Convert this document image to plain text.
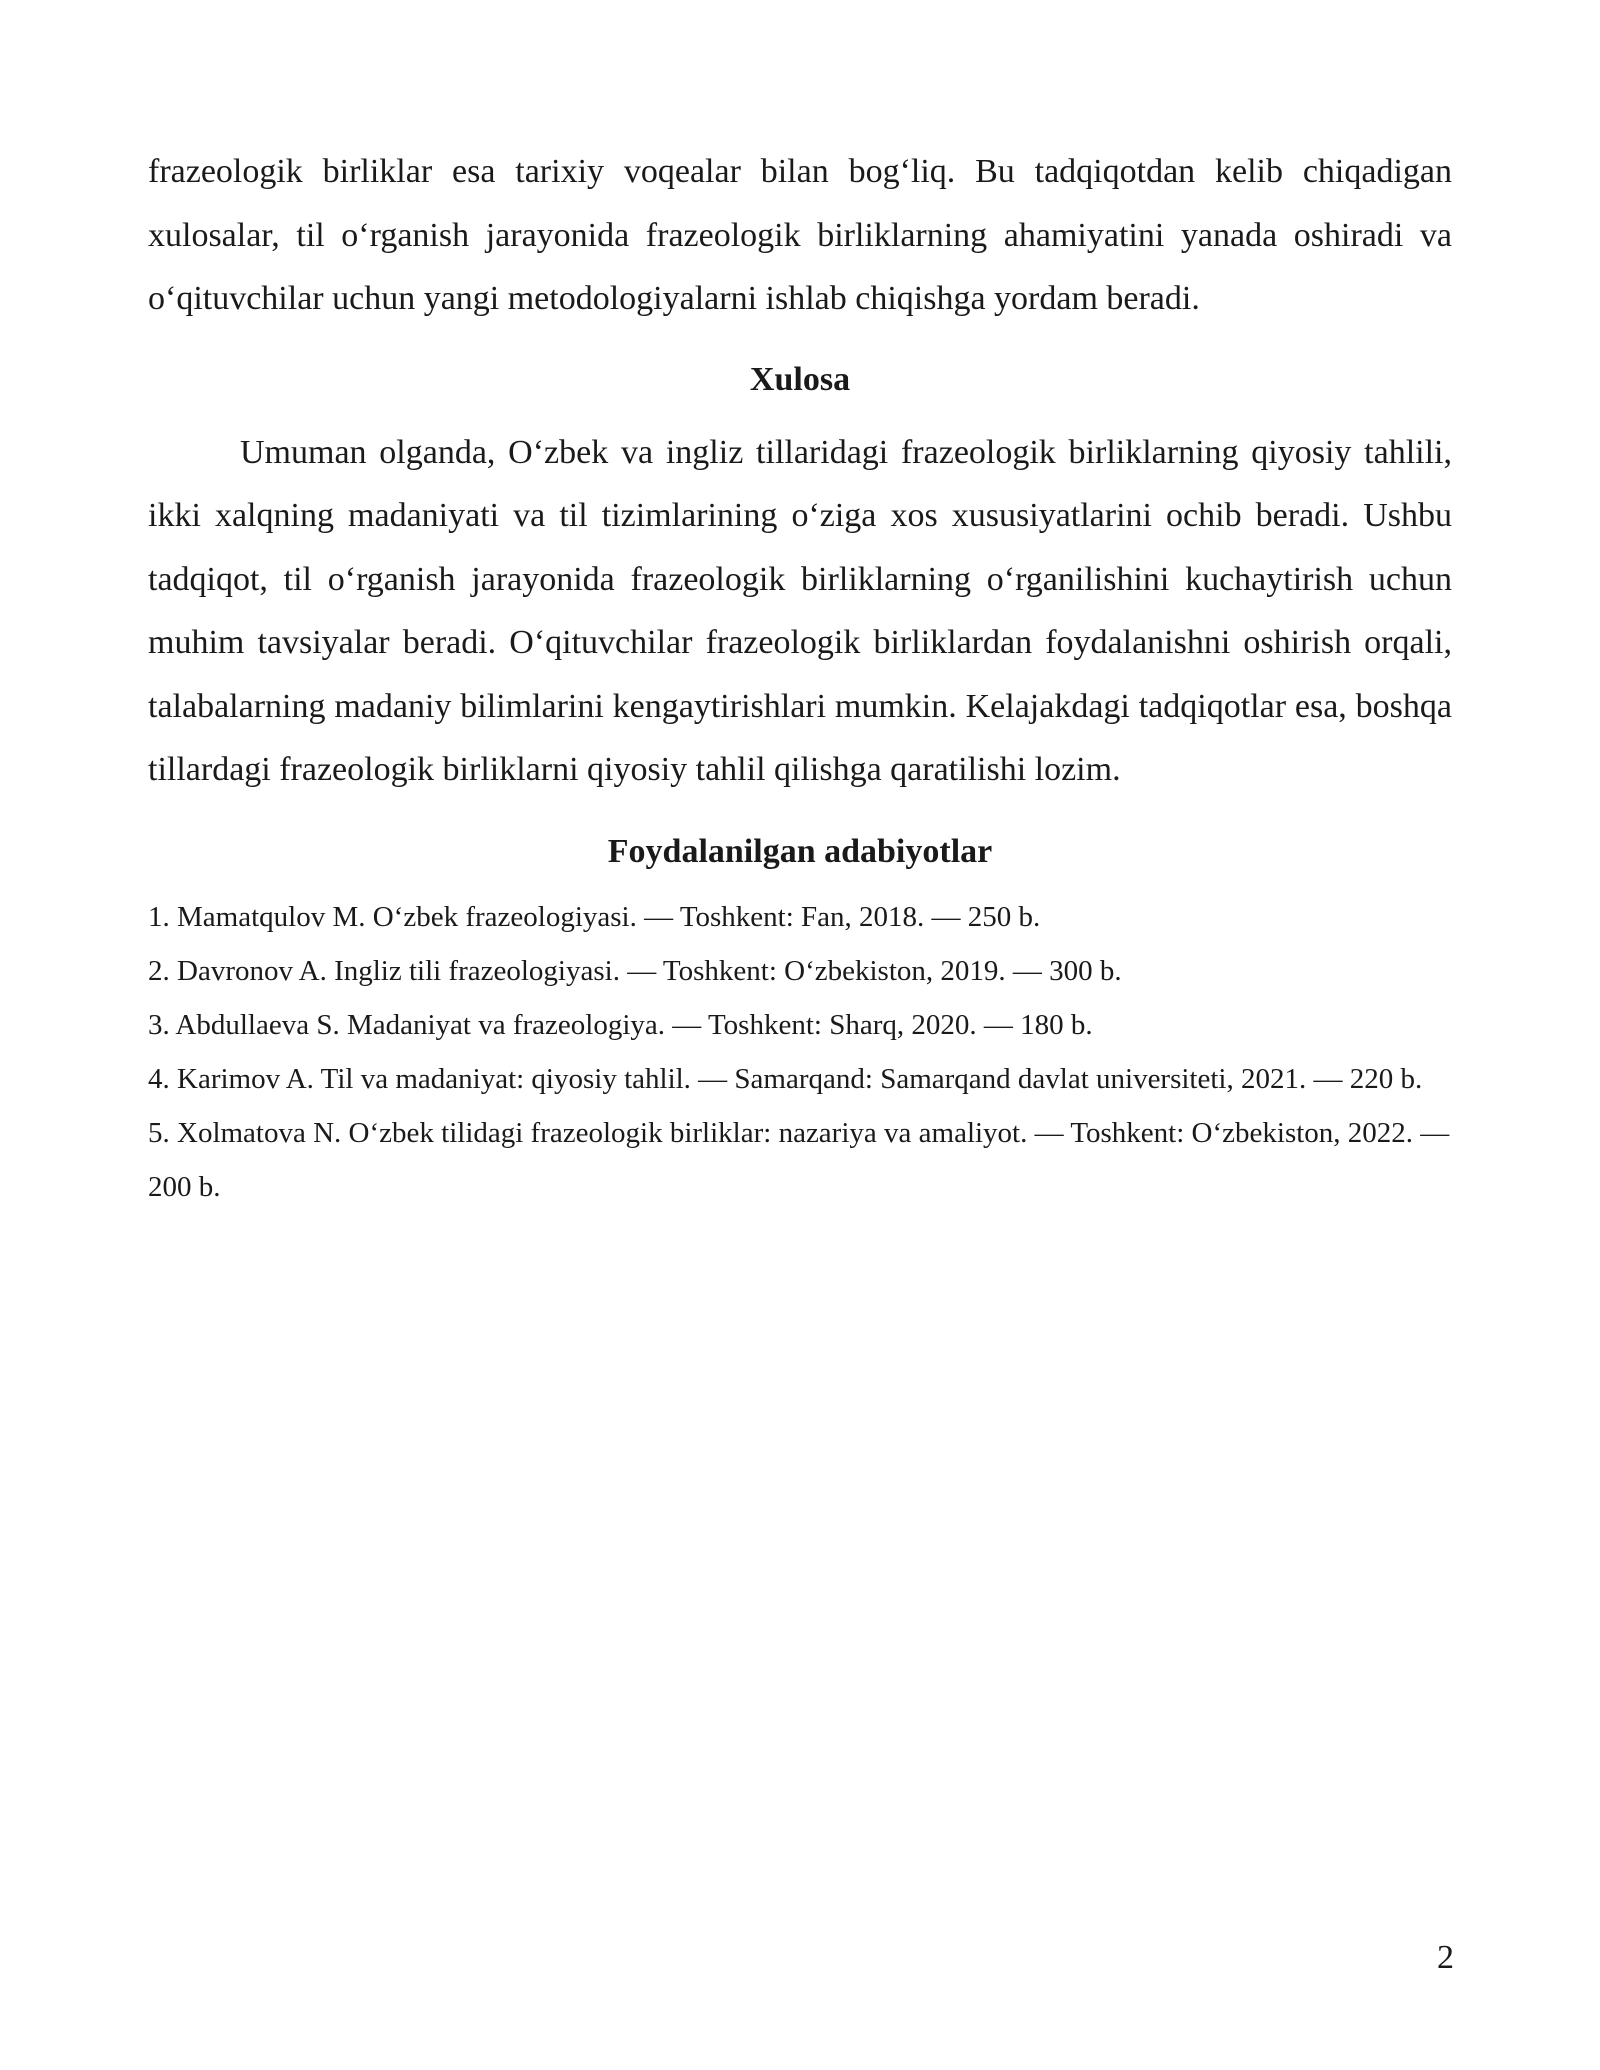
frazeologik birliklar esa tarixiy voqealar bilan bog‘liq. Bu tadqiqotdan kelib chiqadigan xulosalar, til o‘rganish jarayonida frazeologik birliklarning ahamiyatini yanada oshiradi va o‘qituvchilar uchun yangi metodologiyalarni ishlab chiqishga yordam beradi.

Xulosa

Umuman olganda, O‘zbek va ingliz tillaridagi frazeologik birliklarning qiyosiy tahlili, ikki xalqning madaniyati va til tizimlarining o‘ziga xos xususiyatlarini ochib beradi. Ushbu tadqiqot, til o‘rganish jarayonida frazeologik birliklarning o‘rganilishini kuchaytirish uchun muhim tavsiyalar beradi. O‘qituvchilar frazeologik birliklardan foydalanishni oshirish orqali, talabalarning madaniy bilimlarini kengaytirishlari mumkin. Kelajakdagi tadqiqotlar esa, boshqa tillardagi frazeologik birliklarni qiyosiy tahlil qilishga qaratilishi lozim.

Foydalanilgan adabiyotlar
1. Mamatqulov M. O‘zbek frazeologiyasi. — Toshkent: Fan, 2018. — 250 b.
2. Davronov A. Ingliz tili frazeologiyasi. — Toshkent: O‘zbekiston, 2019. — 300 b.
3. Abdullaeva S. Madaniyat va frazeologiya. — Toshkent: Sharq, 2020. — 180 b.
4. Karimov A. Til va madaniyat: qiyosiy tahlil. — Samarqand: Samarqand davlat universiteti, 2021. — 220 b.
5. Xolmatova N. O‘zbek tilidagi frazeologik birliklar: nazariya va amaliyot. — Toshkent: O‘zbekiston, 2022. — 200 b.
2
